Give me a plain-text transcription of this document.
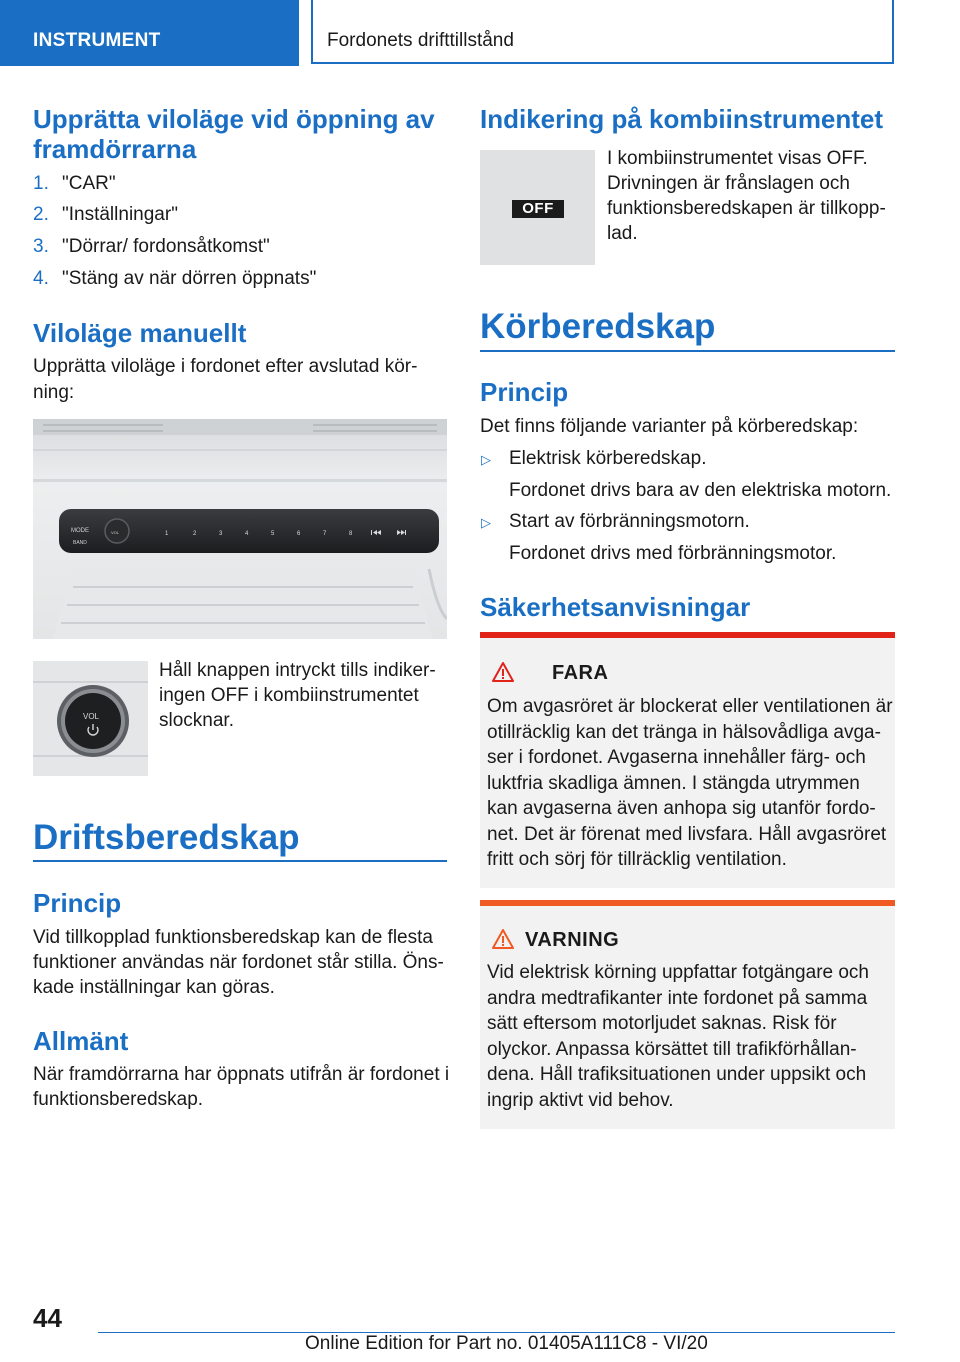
INSTRUMENT	Fordonets drifttillstånd
Upprätta viloläge vid öppning av framdörrarna
1. "CAR"
2. "Inställningar"
3. "Dörrar/ fordonsåtkomst"
4. "Stäng av när dörren öppnats"
Viloläge manuellt

Upprätta viloläge i fordonet efter avslutad kör-

ning:

MODE
BAND
VOL	1	2	3	4	5	6	7	8
VOL

Håll knappen intryckt tills indiker-

ingen OFF i kombiinstrumentet

slocknar.

Driftsberedskap
Princip

Vid tillkopplad funktionsberedskap kan de flesta

funktioner användas när fordonet står stilla. Öns-

kade inställningar kan göras.

Allmänt

När framdörrarna har öppnats utifrån är fordonet i

funktionsberedskap.

Indikering på kombiinstrumentet
OFF

I kombiinstrumentet visas OFF.

Drivningen är frånslagen och

funktionsberedskapen är tillkopp-

lad.

Körberedskap
Princip

Det finns följande varianter på körberedskap:

▷ Elektrisk körberedskap.

Fordonet drivs bara av den elektriska motorn.

▷ Start av förbränningsmotorn.

Fordonet drivs med förbränningsmotor.

Säkerhetsanvisningar
FARA
Om avgasröret är blockerat eller ventilationen är
otillräcklig kan det tränga in hälsovådliga avga-
ser i fordonet. Avgaserna innehåller färg- och
luktfria skadliga ämnen. I stängda utrymmen
kan avgaserna även anhopa sig utanför fordo-
net. Det är förenat med livsfara. Håll avgasröret
fritt och sörj för tillräcklig ventilation.
VARNING
Vid elektrisk körning uppfattar fotgängare och
andra medtrafikanter inte fordonet på samma
sätt eftersom motorljudet saknas. Risk för
olyckor. Anpassa körsättet till trafikförhållan-
dena. Håll trafiksituationen under uppsikt och
ingrip aktivt vid behov.
44
Online Edition for Part no. 01405A111C8 - VI/20
